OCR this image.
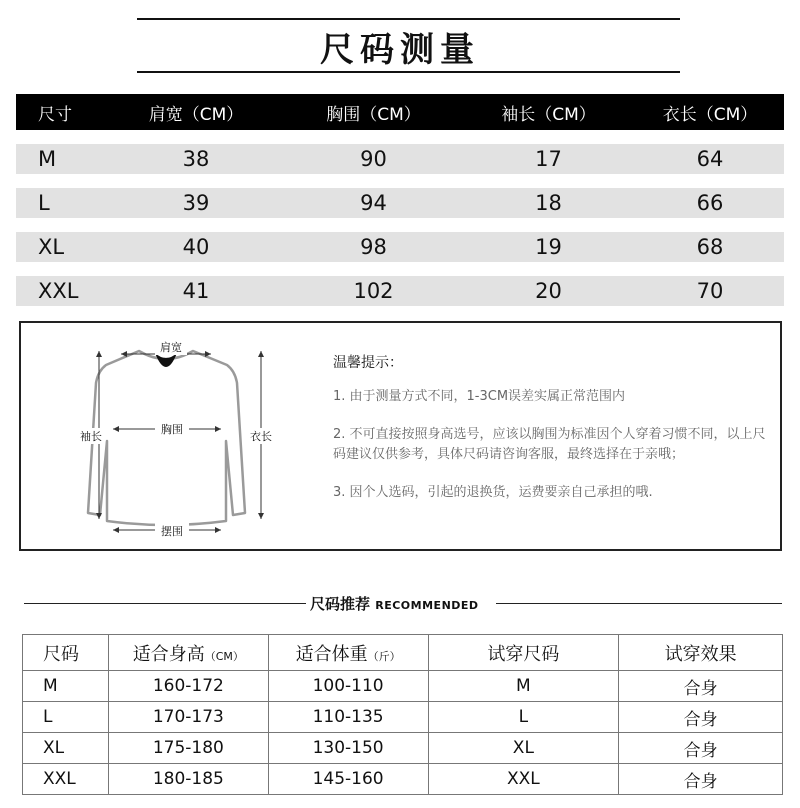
尺码测量
尺寸	肩宽（CM）	胸围（CM）	袖长（CM）	衣长（CM）
M	38	90	17	64
L	39	94	18	66
XL	40	98	19	68
XXL	41	102	20	70
肩宽
胸围
摆围
袖长	衣长
温馨提示：
1. 由于测量方式不同，1-3CM误差实属正常范围内
2. 不可直接按照身高选号，应该以胸围为标准因个人穿着习惯不同，以上尺码建议仅供参考，具体尺码请咨询客服，最终选择在于亲哦；
3. 因个人选码，引起的退换货，运费要亲自己承担的哦.
尺码推荐 RECOMMENDED
尺码	适合身高（CM）	适合体重（斤）	试穿尺码	试穿效果
M	160-172	100-110	M	合身
L	170-173	110-135	L	合身
XL	175-180	130-150	XL	合身
XXL	180-185	145-160	XXL	合身
